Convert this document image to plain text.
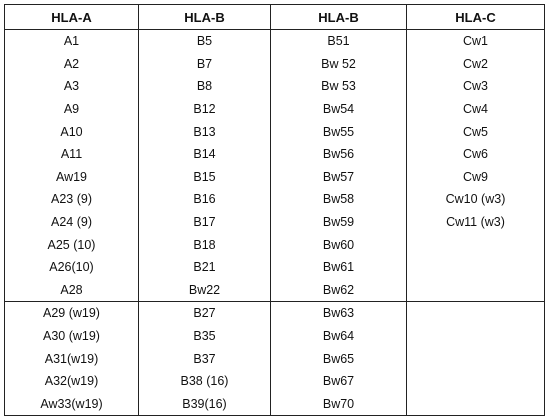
HLA-A	HLA-B	HLA-B	HLA-C
A1	B5	B51	Cw1
A2	B7	Bw 52	Cw2
A3	B8	Bw 53	Cw3
A9	B12	Bw54	Cw4
A10	B13	Bw55	Cw5
A11	B14	Bw56	Cw6
Aw19	B15	Bw57	Cw9
A23 (9)	B16	Bw58	Cw10 (w3)
A24 (9)	B17	Bw59	Cw11 (w3)
A25 (10)	B18	Bw60	
A26(10)	B21	Bw61	
A28	Bw22	Bw62	
A29 (w19)	B27	Bw63	
A30 (w19)	B35	Bw64	
A31(w19)	B37	Bw65	
A32(w19)	B38 (16)	Bw67	
Aw33(w19)	B39(16)	Bw70	
